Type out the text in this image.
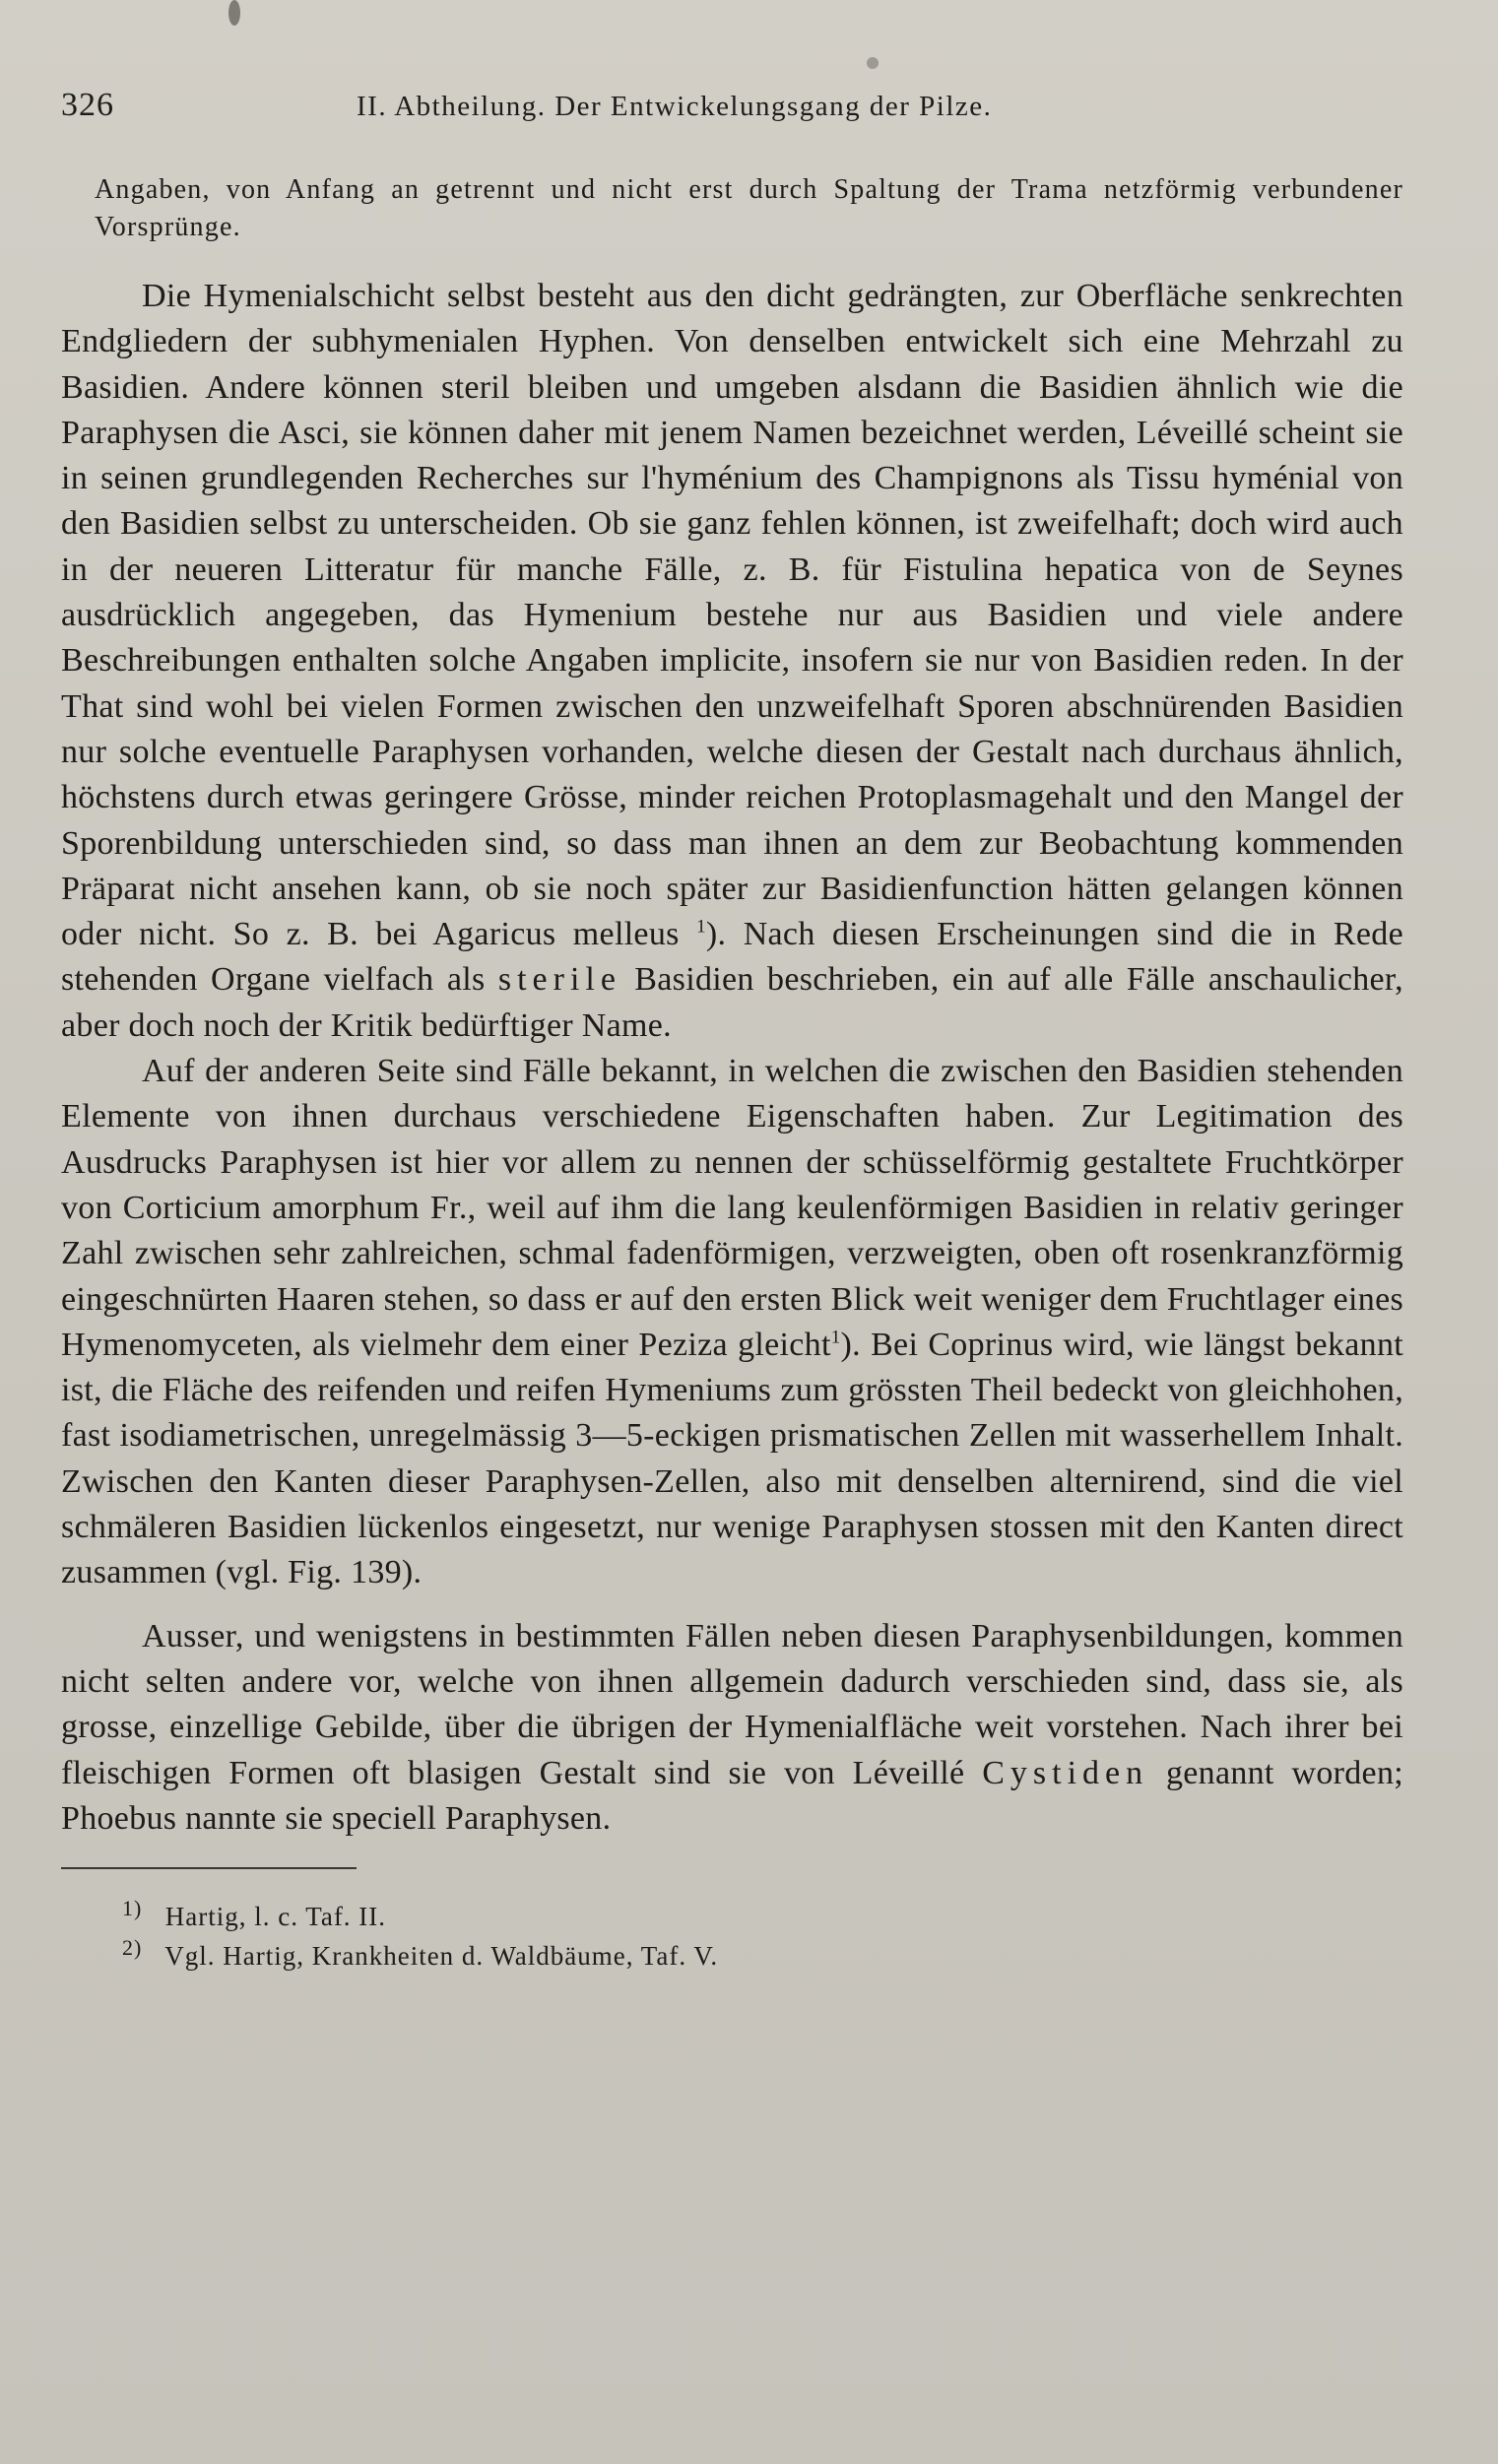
326	II. Abtheilung. Der Entwickelungsgang der Pilze.

Angaben, von Anfang an getrennt und nicht erst durch Spaltung der Trama netzförmig verbundener Vorsprünge.

Die Hymenialschicht selbst besteht aus den dicht gedrängten, zur Oberfläche senkrechten Endgliedern der subhymenialen Hyphen. Von denselben entwickelt sich eine Mehrzahl zu Basidien. Andere können steril bleiben und umgeben alsdann die Basidien ähnlich wie die Paraphysen die Asci, sie können daher mit jenem Namen bezeichnet werden, Léveillé scheint sie in seinen grundlegenden Recherches sur l'hyménium des Champignons als Tissu hyménial von den Basidien selbst zu unterscheiden. Ob sie ganz fehlen können, ist zweifelhaft; doch wird auch in der neueren Litteratur für manche Fälle, z. B. für Fistulina hepatica von de Seynes ausdrücklich angegeben, das Hymenium bestehe nur aus Basidien und viele andere Beschreibungen enthalten solche Angaben implicite, insofern sie nur von Basidien reden. In der That sind wohl bei vielen Formen zwischen den unzweifelhaft Sporen abschnürenden Basidien nur solche eventuelle Paraphysen vorhanden, welche diesen der Gestalt nach durchaus ähnlich, höchstens durch etwas geringere Grösse, minder reichen Protoplasmagehalt und den Mangel der Sporenbildung unterschieden sind, so dass man ihnen an dem zur Beobachtung kommenden Präparat nicht ansehen kann, ob sie noch später zur Basidienfunction hätten gelangen können oder nicht. So z. B. bei Agaricus melleus $^1$). Nach diesen Erscheinungen sind die in Rede stehenden Organe vielfach als sterile Basidien beschrieben, ein auf alle Fälle anschaulicher, aber doch noch der Kritik bedürftiger Name.

Auf der anderen Seite sind Fälle bekannt, in welchen die zwischen den Basidien stehenden Elemente von ihnen durchaus verschiedene Eigenschaften haben. Zur Legitimation des Ausdrucks Paraphysen ist hier vor allem zu nennen der schüsselförmig gestaltete Fruchtkörper von Corticium amorphum Fr., weil auf ihm die lang keulenförmigen Basidien in relativ geringer Zahl zwischen sehr zahlreichen, schmal fadenförmigen, verzweigten, oben oft rosenkranzförmig eingeschnürten Haaren stehen, so dass er auf den ersten Blick weit weniger dem Fruchtlager eines Hymenomyceten, als vielmehr dem einer Peziza gleicht$^1$). Bei Coprinus wird, wie längst bekannt ist, die Fläche des reifenden und reifen Hymeniums zum grössten Theil bedeckt von gleichhohen, fast isodiametrischen, unregelmässig 3—5-eckigen prismatischen Zellen mit wasserhellem Inhalt. Zwischen den Kanten dieser Paraphysen-Zellen, also mit denselben alternirend, sind die viel schmäleren Basidien lückenlos eingesetzt, nur wenige Paraphysen stossen mit den Kanten direct zusammen (vgl. Fig. 139).

Ausser, und wenigstens in bestimmten Fällen neben diesen Paraphysenbildungen, kommen nicht selten andere vor, welche von ihnen allgemein dadurch verschieden sind, dass sie, als grosse, einzellige Gebilde, über die übrigen der Hymenialfläche weit vorstehen. Nach ihrer bei fleischigen Formen oft blasigen Gestalt sind sie von Léveillé Cystiden genannt worden; Phoebus nannte sie speciell Paraphysen.

1) Hartig, l. c. Taf. II.
2) Vgl. Hartig, Krankheiten d. Waldbäume, Taf. V.
